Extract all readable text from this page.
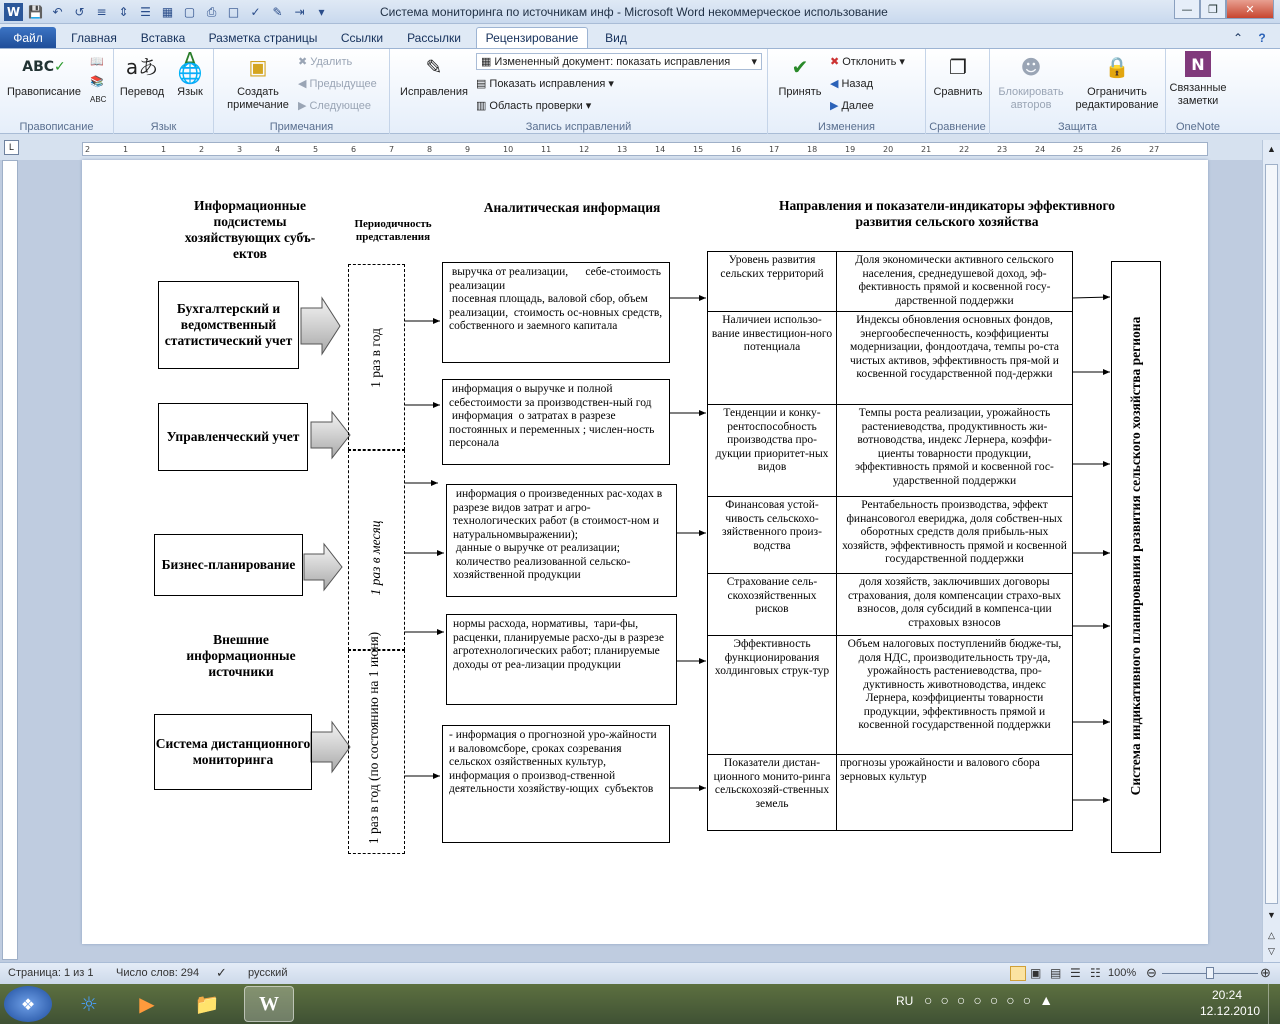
W 💾 ↶ ↺ ≡ ⇕ ☰ ▦ ▢ ⎙ □ ✓ ✎ ⇥	▾	Система мониторинга по источникам инф - Microsoft Word некоммерческое использование	—	❐	✕
Файл	Главная	Вставка	Разметка страницы	Ссылки	Рассылки	Рецензирование	Вид	⌃	?
ABC ✓
Правописание
📖
📚
ABC
Правописание
aあ
Перевод
A🌐
Язык
Язык
▣
Создать примечание
✖ Удалить
◀ Предыдущее
▶ Следующее
Примечания
✎
Исправления
▦ Измененный документ: показать исправления ▾
▤ Показать исправления ▾
▥ Область проверки ▾
Запись исправлений
✔
Принять
✖ Отклонить ▾
◀ Назад
▶ Далее
Изменения
❐
Сравнить
Сравнение
☻
Блокировать авторов
🔒
Ограничить редактирование
Защита
N
Связанные заметки
OneNote
L	2	1	1	2	3	4	5	6	7	8	9	10	11	12	13	14	15	16	17	18	19	20	21	22	23	24	25	26	27
Информационные подсистемы хозяйствующих субъ-ектов
Периодичность представления
Аналитическая информация	Направления и показатели-индикаторы эффективного развития сельского хозяйства
Бухгалтерский и ведомственный статистический учет
Управленческий учет
Бизнес-планирование
Внешние информационные источники
Система дистанционного мониторинга
1 раз в год
1 раз в месяц
1 раз в год (по состоянию на 1 июня)
выручка от реализации,      себе-стоимость реализации
посевная площадь, валовой сбор, объем реализации,  стоимость ос-новных средств, собственного и заемного капитала
информация о выручке и полной себестоимости за производствен-ный год
информация  о затратах в разрезе постоянных и переменных ; числен-ность персонала
информация о произведенных рас-ходах в разрезе видов затрат и агро-технологических работ (в стоимост-ном и натуральномвыражении);
данные о выручке от реализации;
количество реализованной сельско-хозяйственной продукции
нормы расхода, нормативы,  тари-фы, расценки, планируемые расхо-ды в разрезе агротехнологических работ; планируемые доходы от реа-лизации продукции
- информация о прогнозной уро-жайности и валовомсборе, сроках созревания сельскох озяйственных культур, информация о производ-ственной деятельности хозяйству-ющих  субъектов
Уровень развития сельских территорий
Доля экономически активного сельского населения, среднедушевой доход, эф-фективность прямой и косвенной госу-дарственной поддержки
Наличиеи использо-вание инвестицион-ного потенциала
Индексы обновления основных фондов, энергообеспеченность, коэффициенты модернизации, фондоотдача, темпы ро-ста чистых активов, эффективность пря-мой и косвенной государственной под-держки
Тенденции и конку-рентоспособность производства про-дукции приоритет-ных видов
Темпы роста реализации, урожайность растениеводства, продуктивность жи-вотноводства, индекс Лернера, коэффи-циенты товарности продукции, эффективность прямой и косвенной гос-ударственной поддержки
Финансовая устой-чивость сельскохо-зяйственного произ-водства
Рентабельность производства, эффект финансовогол евериджа, доля собствен-ных оборотных средств доля прибыль-ных хозяйств, эффективность прямой и косвенной государственной поддержки
Страхование сель-скохозяйственных рисков
доля хозяйств, заключивших договоры страхования, доля компенсации страхо-вых взносов, доля субсидий в компенса-ции страховых взносов
Эффективность функционирования холдинговых струк-тур
Объем налоговых поступленийв бюдже-ты, доля НДС, производительность тру-да, урожайность растениеводства, про-дуктивность животноводства, индекс Лернера, коэффициенты товарности продукции, эффективность прямой и косвенной государственной поддержки
Показатели дистан-ционного монито-ринга сельскохозяй-ственных земель
прогнозы урожайности и валового сбора зерновых культур	Система индикативного планирования развития сельского хозяйства региона
▲
▼
△
▽
Страница: 1 из 1 Число слов: 294 ✓ русский	▣ ▤ ☰ ☷ 100% ⊖	⊕
❖	☼	▶	📁	W	RU ○○○○○○○▲	20:24
12.12.2010
